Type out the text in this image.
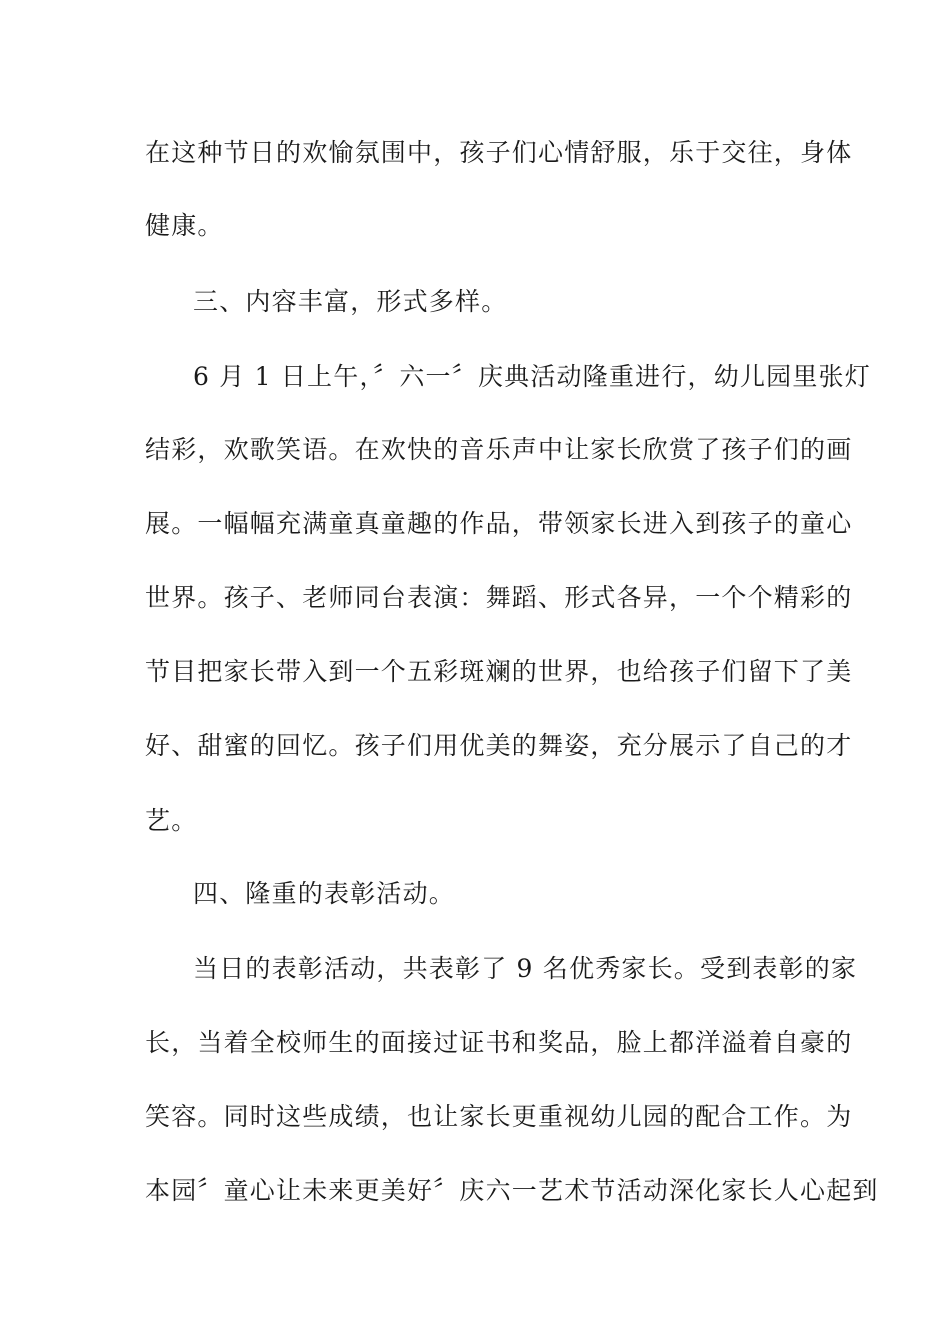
在这种节日的欢愉氛围中，孩子们心情舒服，乐于交往，身体
健康。
三、内容丰富，形式多样。
6 月 1 日上午，〞六一〞庆典活动隆重进行，幼儿园里张灯
结彩，欢歌笑语。在欢快的音乐声中让家长欣赏了孩子们的画
展。一幅幅充满童真童趣的作品，带领家长进入到孩子的童心
世界。孩子、老师同台表演：舞蹈、形式各异，一个个精彩的
节目把家长带入到一个五彩斑斓的世界，也给孩子们留下了美
好、甜蜜的回忆。孩子们用优美的舞姿，充分展示了自己的才
艺。
四、隆重的表彰活动。
当日的表彰活动，共表彰了 9 名优秀家长。受到表彰的家
长，当着全校师生的面接过证书和奖品，脸上都洋溢着自豪的
笑容。同时这些成绩，也让家长更重视幼儿园的配合工作。为
本园〞童心让未来更美好〞庆六一艺术节活动深化家长人心起到
